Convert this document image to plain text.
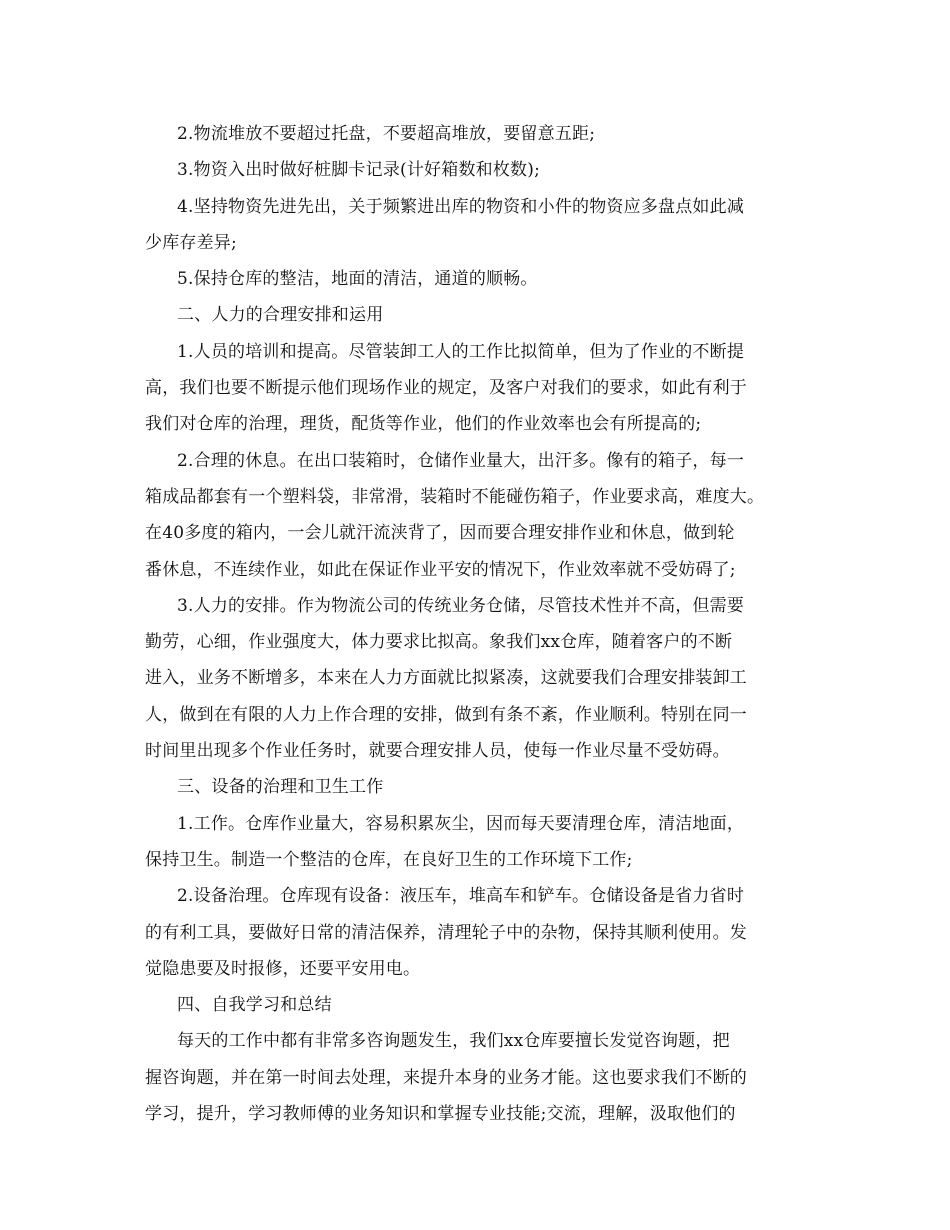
2.物流堆放不要超过托盘，不要超高堆放，要留意五距;
3.物资入出时做好桩脚卡记录(计好箱数和枚数);
4.坚持物资先进先出，关于频繁进出库的物资和小件的物资应多盘点如此减
少库存差异;
5.保持仓库的整洁，地面的清洁，通道的顺畅。
二、人力的合理安排和运用
1.人员的培训和提高。尽管装卸工人的工作比拟简单，但为了作业的不断提
高，我们也要不断提示他们现场作业的规定，及客户对我们的要求，如此有利于
我们对仓库的治理，理货，配货等作业，他们的作业效率也会有所提高的;
2.合理的休息。在出口装箱时，仓储作业量大，出汗多。像有的箱子，每一
箱成品都套有一个塑料袋，非常滑，装箱时不能碰伤箱子，作业要求高，难度大。
在40多度的箱内，一会儿就汗流浃背了，因而要合理安排作业和休息，做到轮
番休息，不连续作业，如此在保证作业平安的情况下，作业效率就不受妨碍了;
3.人力的安排。作为物流公司的传统业务仓储，尽管技术性并不高，但需要
勤劳，心细，作业强度大，体力要求比拟高。象我们xx仓库，随着客户的不断
进入，业务不断增多，本来在人力方面就比拟紧凑，这就要我们合理安排装卸工
人，做到在有限的人力上作合理的安排，做到有条不紊，作业顺利。特别在同一
时间里出现多个作业任务时，就要合理安排人员，使每一作业尽量不受妨碍。
三、设备的治理和卫生工作
1.工作。仓库作业量大，容易积累灰尘，因而每天要清理仓库，清洁地面，
保持卫生。制造一个整洁的仓库，在良好卫生的工作环境下工作;
2.设备治理。仓库现有设备：液压车，堆高车和铲车。仓储设备是省力省时
的有利工具，要做好日常的清洁保养，清理轮子中的杂物，保持其顺利使用。发
觉隐患要及时报修，还要平安用电。
四、自我学习和总结
每天的工作中都有非常多咨询题发生，我们xx仓库要擅长发觉咨询题，把
握咨询题，并在第一时间去处理，来提升本身的业务才能。这也要求我们不断的
学习，提升，学习教师傅的业务知识和掌握专业技能;交流，理解，汲取他们的
